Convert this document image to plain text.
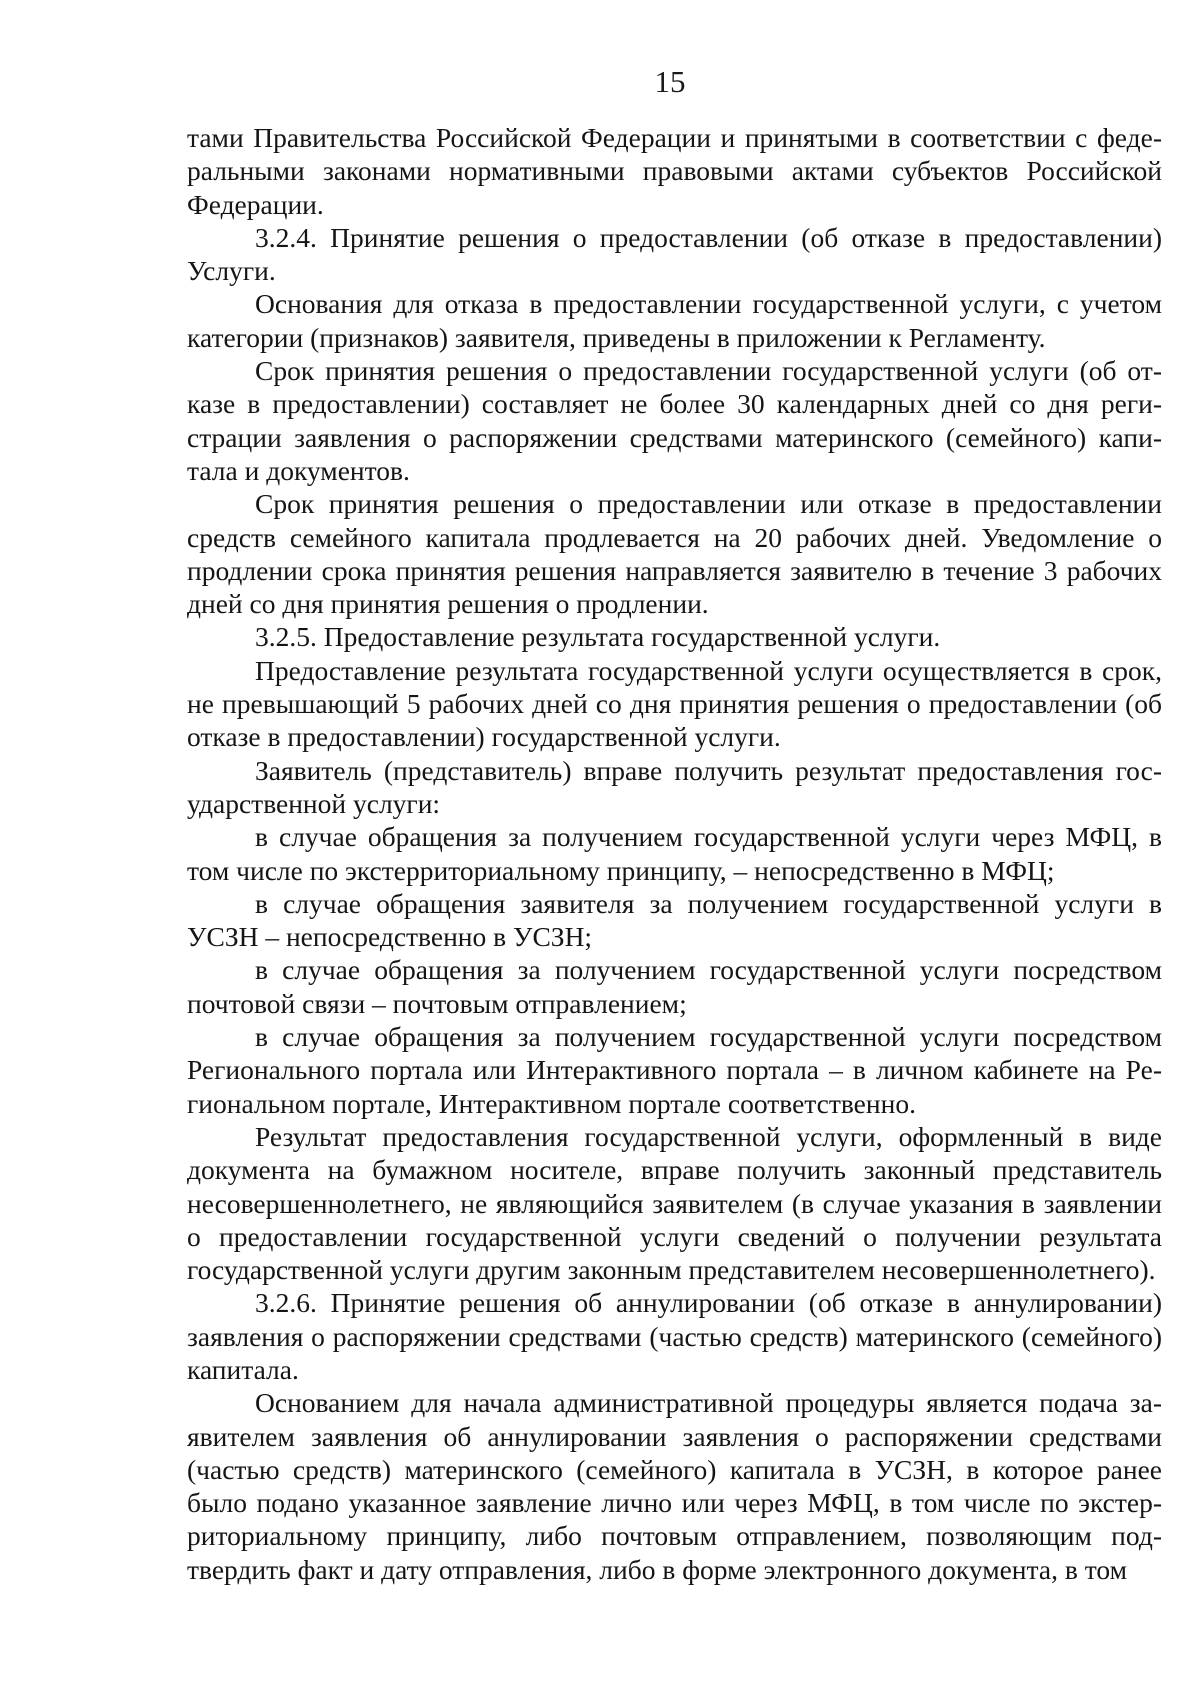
15

тами Правительства Российской Федерации и принятыми в соответствии с федеральными законами нормативными правовыми актами субъектов Российской Федерации.

3.2.4. Принятие решения о предоставлении (об отказе в предоставлении) Услуги.

Основания для отказа в предоставлении государственной услуги, с учетом категории (признаков) заявителя, приведены в приложении к Регламенту.

Срок принятия решения о предоставлении государственной услуги (об отказе в предоставлении) составляет не более 30 календарных дней со дня регистрации заявления о распоряжении средствами материнского (семейного) капитала и документов.

Срок принятия решения о предоставлении или отказе в предоставлении средств семейного капитала продлевается на 20 рабочих дней. Уведомление о продлении срока принятия решения направляется заявителю в течение 3 рабочих дней со дня принятия решения о продлении.

3.2.5. Предоставление результата государственной услуги.

Предоставление результата государственной услуги осуществляется в срок, не превышающий 5 рабочих дней со дня принятия решения о предоставлении (об отказе в предоставлении) государственной услуги.

Заявитель (представитель) вправе получить результат предоставления государственной услуги:

в случае обращения за получением государственной услуги через МФЦ, в том числе по экстерриториальному принципу, – непосредственно в МФЦ;

в случае обращения заявителя за получением государственной услуги в УСЗН – непосредственно в УСЗН;

в случае обращения за получением государственной услуги посредством почтовой связи – почтовым отправлением;

в случае обращения за получением государственной услуги посредством Регионального портала или Интерактивного портала – в личном кабинете на Региональном портале, Интерактивном портале соответственно.

Результат предоставления государственной услуги, оформленный в виде документа на бумажном носителе, вправе получить законный представитель несовершеннолетнего, не являющийся заявителем (в случае указания в заявлении о предоставлении государственной услуги сведений о получении результата государственной услуги другим законным представителем несовершеннолетнего).

3.2.6. Принятие решения об аннулировании (об отказе в аннулировании) заявления о распоряжении средствами (частью средств) материнского (семейного) капитала.

Основанием для начала административной процедуры является подача заявителем заявления об аннулировании заявления о распоряжении средствами (частью средств) материнского (семейного) капитала в УСЗН, в которое ранее было подано указанное заявление лично или через МФЦ, в том числе по экстерриториальному принципу, либо почтовым отправлением, позволяющим подтвердить факт и дату отправления, либо в форме электронного документа, в том
